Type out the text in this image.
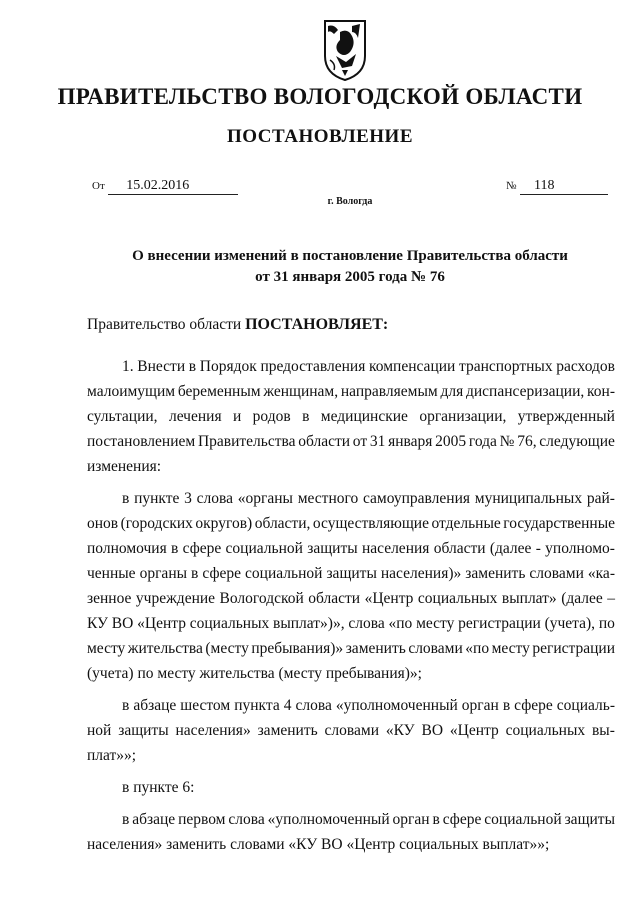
ПРАВИТЕЛЬСТВО ВОЛОГОДСКОЙ ОБЛАСТИ
ПОСТАНОВЛЕНИЕ
От 15.02.2016	№ 118
г. Вологда
О внесении изменений в постановление Правительства области
от 31 января 2005 года № 76
Правительство области ПОСТАНОВЛЯЕТ:
1. Внести в Порядок предоставления компенсации транспортных расходов
малоимущим беременным женщинам, направляемым для диспансеризации, кон-
сультации, лечения и родов в медицинские организации, утвержденный
постановлением Правительства области от 31 января 2005 года № 76, следующие
изменения:
в пункте 3 слова «органы местного самоуправления муниципальных рай-
онов (городских округов) области, осуществляющие отдельные государственные
полномочия в сфере социальной защиты населения области (далее - уполномо-
ченные органы в сфере социальной защиты населения)» заменить словами «ка-
зенное учреждение Вологодской области «Центр социальных выплат» (далее –
КУ ВО «Центр социальных выплат»)», слова «по месту регистрации (учета), по
месту жительства (месту пребывания)» заменить словами «по месту регистрации
(учета) по месту жительства (месту пребывания)»;
в абзаце шестом пункта 4 слова «уполномоченный орган в сфере социаль-
ной защиты населения» заменить словами «КУ ВО «Центр социальных вы-
плат»»;
в пункте 6:
в абзаце первом слова «уполномоченный орган в сфере социальной защиты
населения» заменить словами «КУ ВО «Центр социальных выплат»»;
